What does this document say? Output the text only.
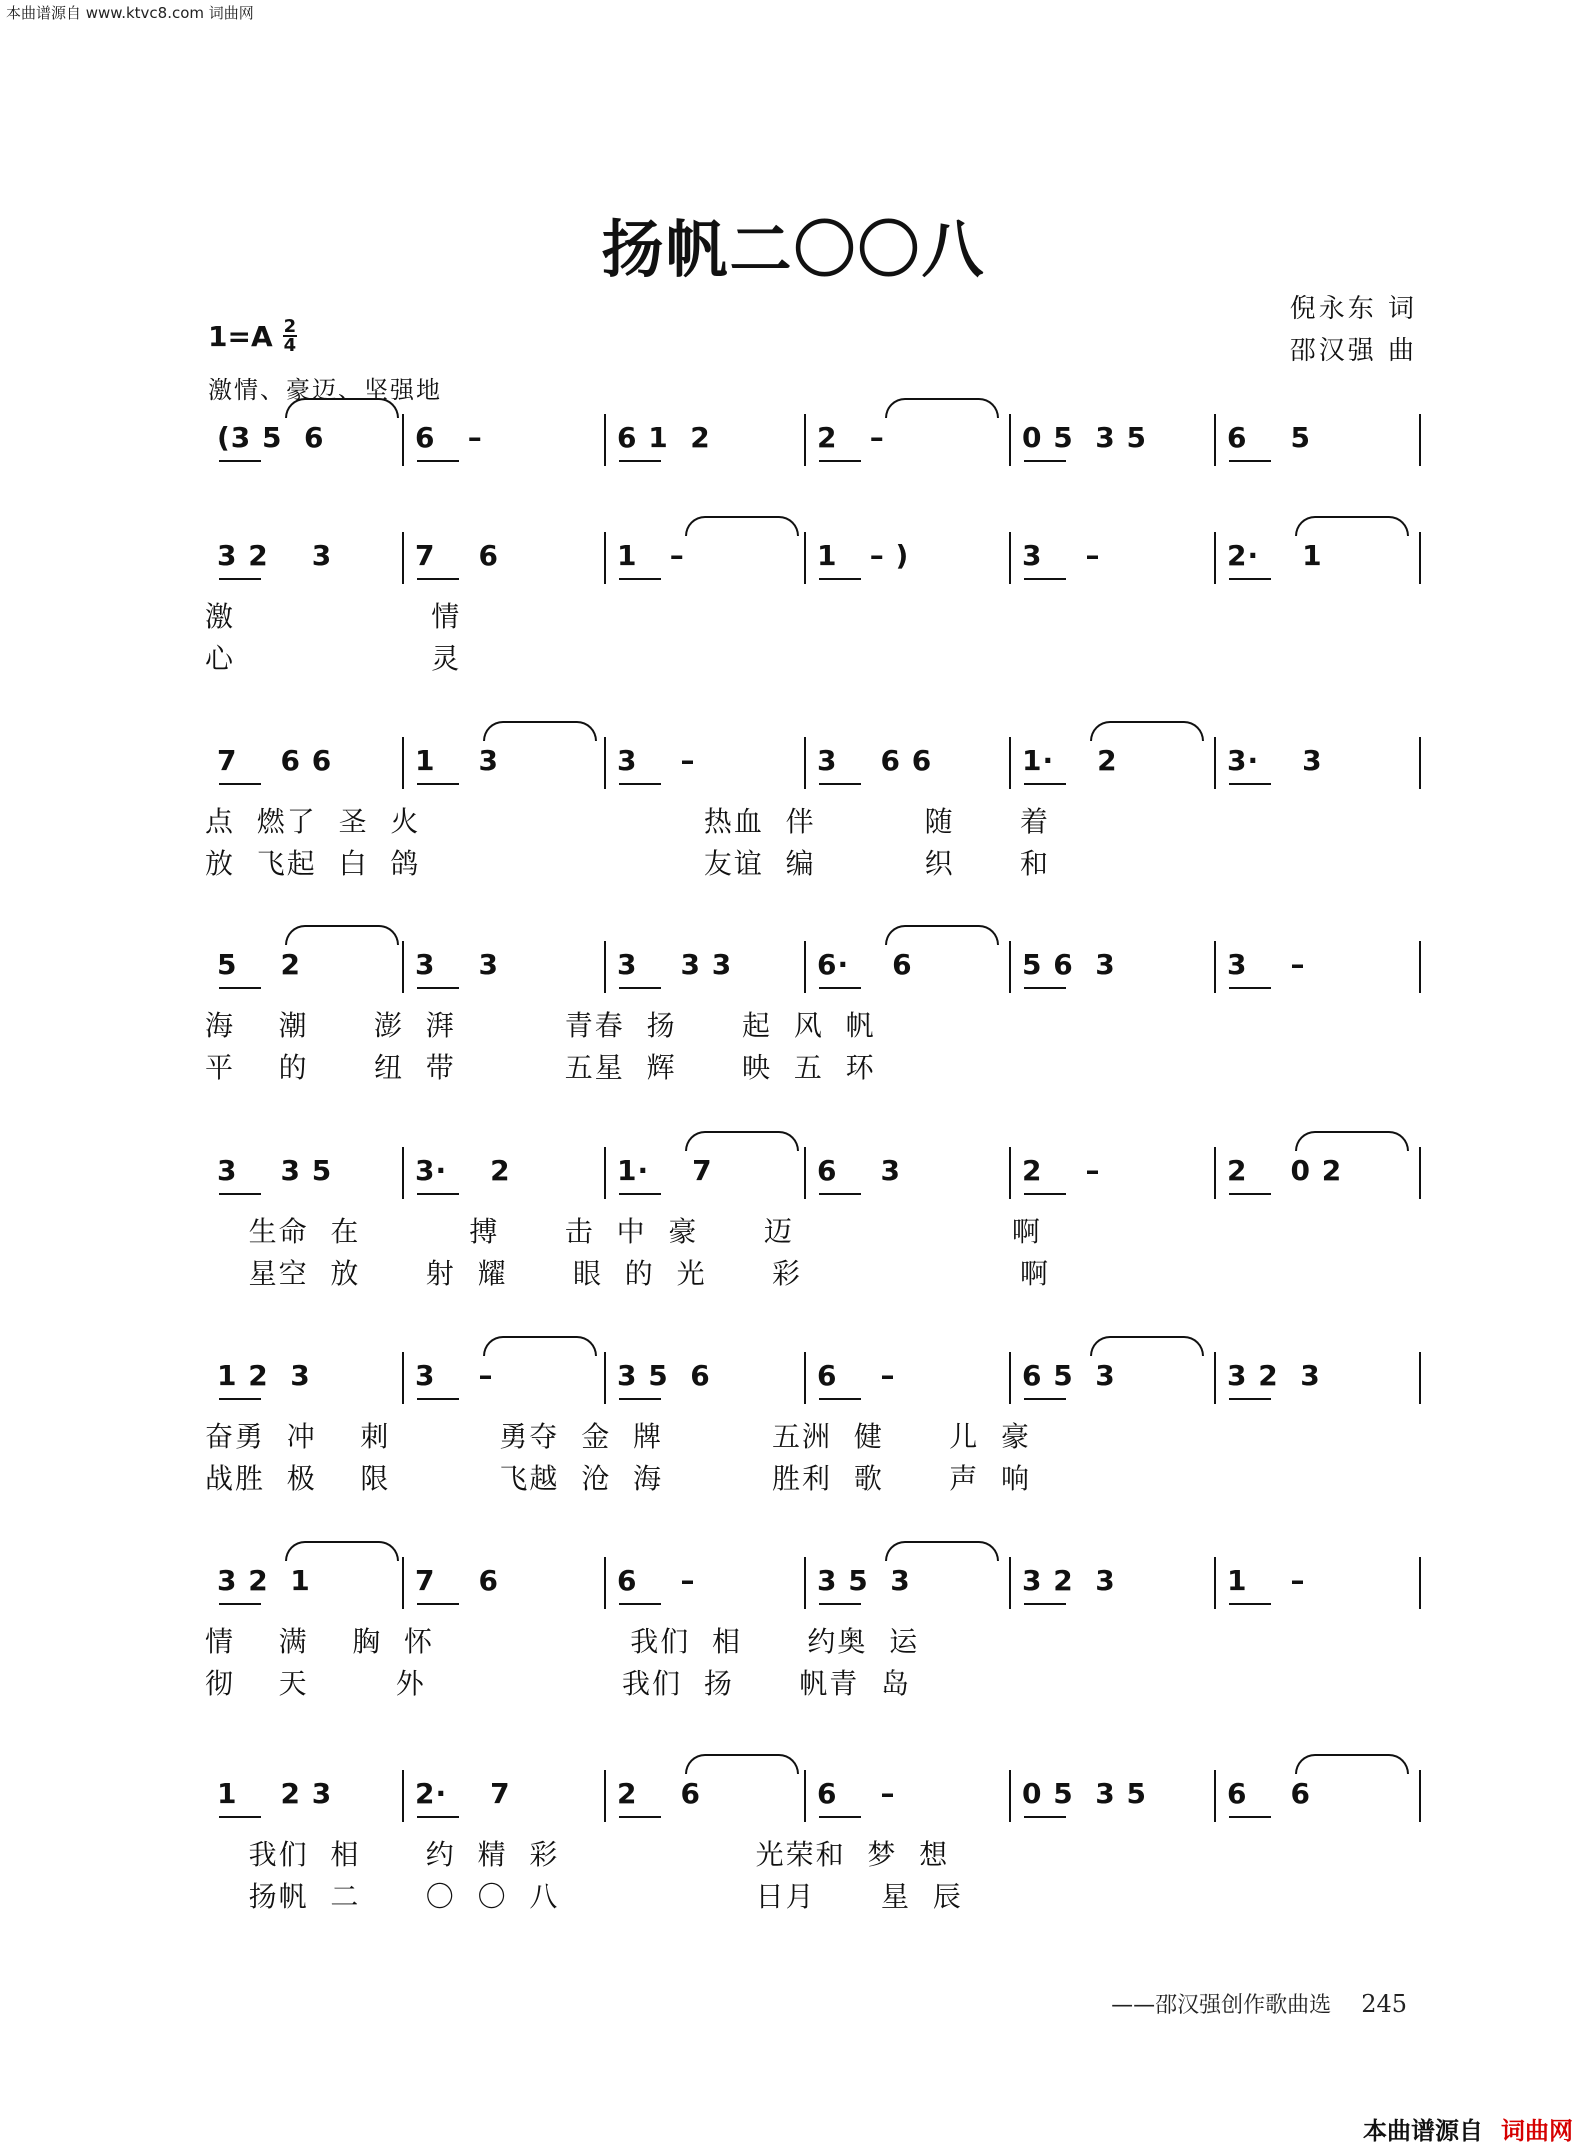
本曲谱源自 www.ktvc8.com 词曲网
扬帆二〇〇八
倪永东 词
邵汉强 曲
$1=A \frac{2}{4}$
激情、豪迈、坚强地
(3 5  6	6   –	6 1  2	2   –	0 5  3 5	6    5
3 2    3	7    6	1   –	1   – )	3    –	2·    1
激                  情
心                  灵
7    6 6	1    3	3    –	3    6 6	1·    2	3·    3
点  燃了  圣  火                          热血  伴          随      着
放  飞起  白  鸽                          友谊  编          织      和
5    2	3    3	3    3 3	6·    6	5 6  3	3    –
海    潮      澎  湃          青春  扬      起  风  帆
平    的      纽  带          五星  辉      映  五  环
3    3 5	3·    2	1·    7	6    3	2    –	2    0 2
生命  在          搏      击  中  豪      迈                    啊
星空  放      射  耀      眼  的  光      彩                    啊
1 2  3	3    –	3 5  6	6    –	6 5  3	3 2  3
奋勇  冲    刺          勇夺  金  牌          五洲  健      儿  豪
战胜  极    限          飞越  沧  海          胜利  歌      声  响
3 2  1	7    6	6    –	3 5  3	3 2  3	1    –
情    满    胸  怀                  我们  相      约奥  运
彻    天        外                  我们  扬      帆青  岛
1    2 3	2·    7	2    6	6    –	0 5  3 5	6    6
我们  相      约  精  彩                  光荣和  梦  想
扬帆  二      〇  〇  八                  日月      星  辰
——邵汉强创作歌曲选 245
本曲谱源自 词曲网
